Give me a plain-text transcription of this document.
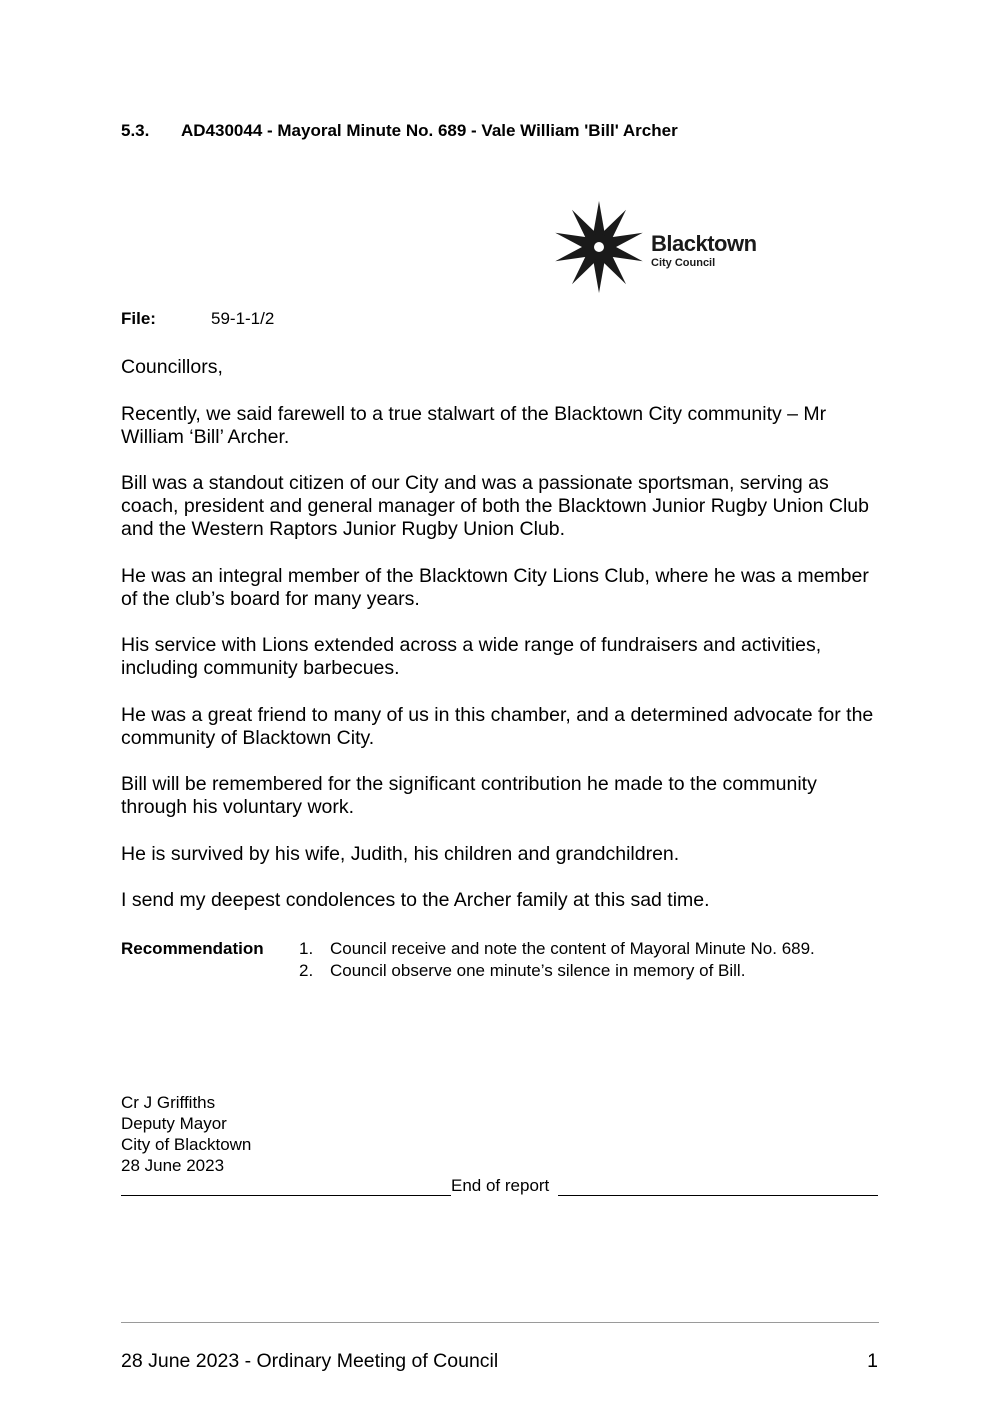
5.3. AD430044 - Mayoral Minute No. 689 - Vale William 'Bill' Archer
Blacktown
City Council
File:	59-1-1/2
Councillors,
Recently, we said farewell to a true stalwart of the Blacktown City community – Mr William ‘Bill’ Archer.
Bill was a standout citizen of our City and was a passionate sportsman, serving as coach, president and general manager of both the Blacktown Junior Rugby Union Club and the Western Raptors Junior Rugby Union Club.
He was an integral member of the Blacktown City Lions Club, where he was a member of the club’s board for many years.
His service with Lions extended across a wide range of fundraisers and activities, including community barbecues.
He was a great friend to many of us in this chamber, and a determined advocate for the community of Blacktown City.
Bill will be remembered for the significant contribution he made to the community through his voluntary work.
He is survived by his wife, Judith, his children and grandchildren.
I send my deepest condolences to the Archer family at this sad time.
Recommendation 1. Council receive and note the content of Mayoral Minute No. 689.
2. Council observe one minute’s silence in memory of Bill.
Cr J Griffiths
Deputy Mayor
City of Blacktown
28 June 2023
End of report
28 June 2023 - Ordinary Meeting of Council	1
